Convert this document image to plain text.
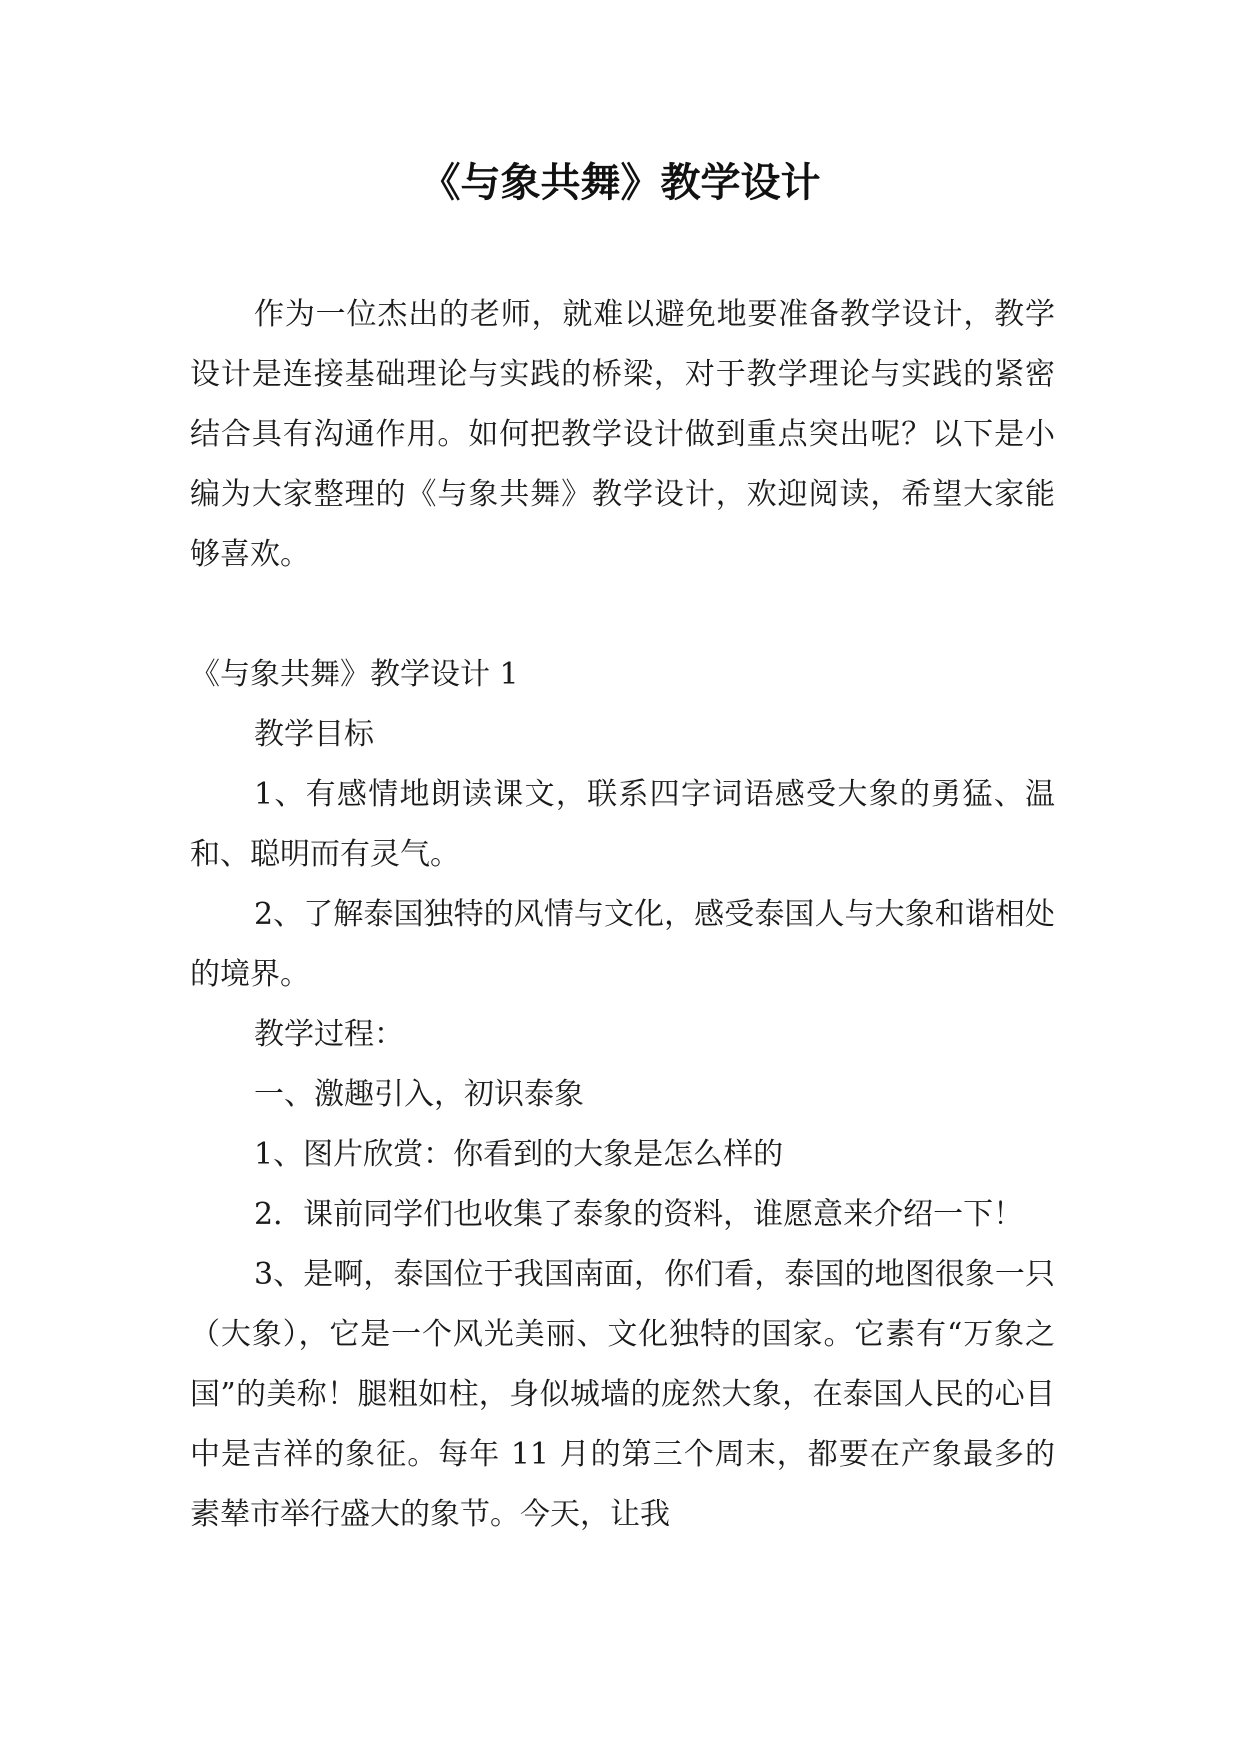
《与象共舞》教学设计

作为一位杰出的老师，就难以避免地要准备教学设计，教学设计是连接基础理论与实践的桥梁，对于教学理论与实践的紧密结合具有沟通作用。如何把教学设计做到重点突出呢？以下是小编为大家整理的《与象共舞》教学设计，欢迎阅读，希望大家能够喜欢。

《与象共舞》教学设计 1

教学目标

1、有感情地朗读课文，联系四字词语感受大象的勇猛、温和、聪明而有灵气。

2、了解泰国独特的风情与文化，感受泰国人与大象和谐相处的境界。

教学过程：

一、激趣引入，初识泰象

1、图片欣赏：你看到的大象是怎么样的

2．课前同学们也收集了泰象的资料，谁愿意来介绍一下！

3、是啊，泰国位于我国南面，你们看，泰国的地图很象一只（大象），它是一个风光美丽、文化独特的国家。它素有“万象之国”的美称！腿粗如柱，身似城墙的庞然大象，在泰国人民的心目中是吉祥的象征。每年 11 月的第三个周末，都要在产象最多的素辇市举行盛大的象节。今天，让我
